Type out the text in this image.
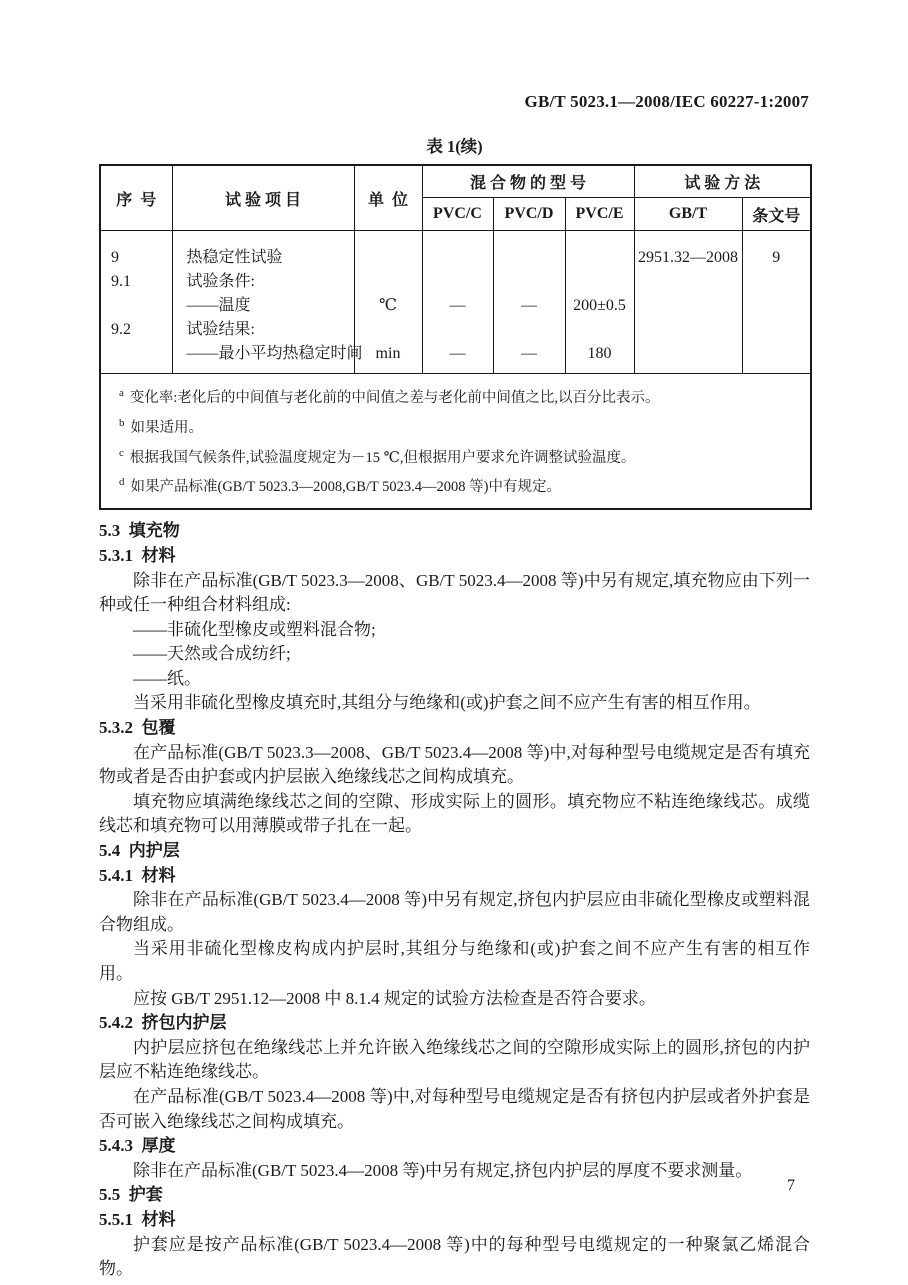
GB/T 5023.1—2008/IEC 60227-1:2007
表 1(续)
序  号	试 验 项 目	单  位	混 合 物 的 型 号			试 验 方 法	
			PVC/C	PVC/D	PVC/E	GB/T	条文号
9	热稳定性试验					2951.32—2008	9
9.1	试验条件:						
	——温度	℃	—	—	200±0.5		
9.2	试验结果:						
	——最小平均热稳定时间	min	—	—	180		

$^a$ 变化率:老化后的中间值与老化前的中间值之差与老化前中间值之比,以百分比表示。
$^b$ 如果适用。
$^c$ 根据我国气候条件,试验温度规定为－15 ℃,但根据用户要求允许调整试验温度。
$^d$ 如果产品标准(GB/T 5023.3—2008,GB/T 5023.4—2008 等)中有规定。							
5.3  填充物
5.3.1  材料
除非在产品标准(GB/T 5023.3—2008、GB/T 5023.4—2008 等)中另有规定,填充物应由下列一种或任一种组合材料组成:
——非硫化型橡皮或塑料混合物;
——天然或合成纺纤;
——纸。
当采用非硫化型橡皮填充时,其组分与绝缘和(或)护套之间不应产生有害的相互作用。
5.3.2  包覆
在产品标准(GB/T 5023.3—2008、GB/T 5023.4—2008 等)中,对每种型号电缆规定是否有填充物或者是否由护套或内护层嵌入绝缘线芯之间构成填充。
填充物应填满绝缘线芯之间的空隙、形成实际上的圆形。填充物应不粘连绝缘线芯。成缆线芯和填充物可以用薄膜或带子扎在一起。
5.4  内护层
5.4.1  材料
除非在产品标准(GB/T 5023.4—2008 等)中另有规定,挤包内护层应由非硫化型橡皮或塑料混合物组成。
当采用非硫化型橡皮构成内护层时,其组分与绝缘和(或)护套之间不应产生有害的相互作用。
应按 GB/T 2951.12—2008 中 8.1.4 规定的试验方法检查是否符合要求。
5.4.2  挤包内护层
内护层应挤包在绝缘线芯上并允许嵌入绝缘线芯之间的空隙形成实际上的圆形,挤包的内护层应不粘连绝缘线芯。
在产品标准(GB/T 5023.4—2008 等)中,对每种型号电缆规定是否有挤包内护层或者外护套是否可嵌入绝缘线芯之间构成填充。
5.4.3  厚度
除非在产品标准(GB/T 5023.4—2008 等)中另有规定,挤包内护层的厚度不要求测量。
5.5  护套
5.5.1  材料
护套应是按产品标准(GB/T 5023.4—2008 等)中的每种型号电缆规定的一种聚氯乙烯混合物。
7
